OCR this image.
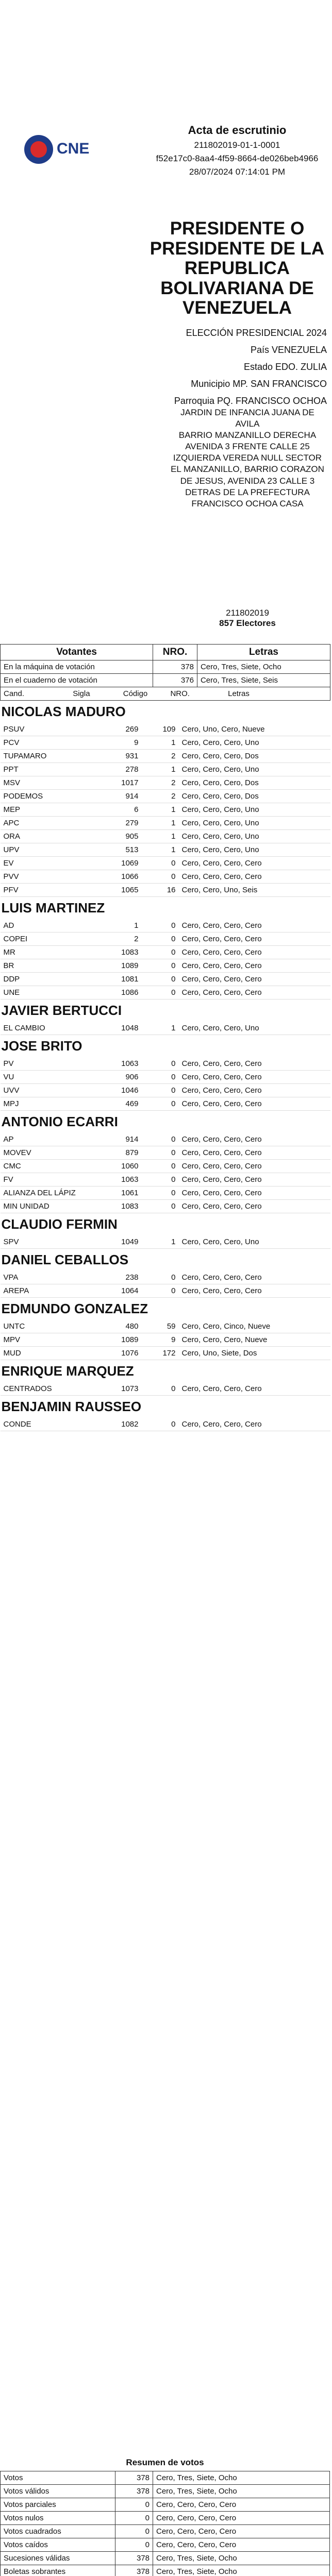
CNE

Acta de escrutinio

211802019-01-1-0001

f52e17c0-8aa4-4f59-8664-de026beb4966

28/07/2024 07:14:01 PM

PRESIDENTE O PRESIDENTE DE LA REPUBLICA BOLIVARIANA DE VENEZUELA

ELECCIÓN PRESIDENCIAL 2024

País VENEZUELA

Estado EDO. ZULIA

Municipio MP. SAN FRANCISCO

Parroquia PQ. FRANCISCO OCHOA

JARDIN DE INFANCIA JUANA DE AVILA
BARRIO MANZANILLO DERECHA AVENIDA 3 FRENTE CALLE 25 IZQUIERDA VEREDA NULL SECTOR EL MANZANILLO, BARRIO CORAZON DE JESUS, AVENIDA 23 CALLE 3 DETRAS DE LA PREFECTURA FRANCISCO OCHOA CASA
211802019
857 Electores
Votantes	NRO.	Letras
En la máquina de votación	378	Cero, Tres, Siete, Ocho
En el cuaderno de votación	376	Cero, Tres, Siete, Seis
Cand.	Sigla	Código	NRO.	Letras

NICOLAS MADURO
PSUV	269	109	Cero, Uno, Cero, Nueve
PCV	9	1	Cero, Cero, Cero, Uno
TUPAMARO	931	2	Cero, Cero, Cero, Dos
PPT	278	1	Cero, Cero, Cero, Uno
MSV	1017	2	Cero, Cero, Cero, Dos
PODEMOS	914	2	Cero, Cero, Cero, Dos
MEP	6	1	Cero, Cero, Cero, Uno
APC	279	1	Cero, Cero, Cero, Uno
ORA	905	1	Cero, Cero, Cero, Uno
UPV	513	1	Cero, Cero, Cero, Uno
EV	1069	0	Cero, Cero, Cero, Cero
PVV	1066	0	Cero, Cero, Cero, Cero
PFV	1065	16	Cero, Cero, Uno, Seis
LUIS MARTINEZ
AD	1	0	Cero, Cero, Cero, Cero
COPEI	2	0	Cero, Cero, Cero, Cero
MR	1083	0	Cero, Cero, Cero, Cero
BR	1089	0	Cero, Cero, Cero, Cero
DDP	1081	0	Cero, Cero, Cero, Cero
UNE	1086	0	Cero, Cero, Cero, Cero
JAVIER BERTUCCI
EL CAMBIO	1048	1	Cero, Cero, Cero, Uno
JOSE BRITO
PV	1063	0	Cero, Cero, Cero, Cero
VU	906	0	Cero, Cero, Cero, Cero
UVV	1046	0	Cero, Cero, Cero, Cero
MPJ	469	0	Cero, Cero, Cero, Cero
ANTONIO ECARRI
AP	914	0	Cero, Cero, Cero, Cero
MOVEV	879	0	Cero, Cero, Cero, Cero
CMC	1060	0	Cero, Cero, Cero, Cero
FV	1063	0	Cero, Cero, Cero, Cero
ALIANZA DEL LÁPIZ	1061	0	Cero, Cero, Cero, Cero
MIN UNIDAD	1083	0	Cero, Cero, Cero, Cero
CLAUDIO FERMIN
SPV	1049	1	Cero, Cero, Cero, Uno
DANIEL CEBALLOS
VPA	238	0	Cero, Cero, Cero, Cero
AREPA	1064	0	Cero, Cero, Cero, Cero
EDMUNDO GONZALEZ
UNTC	480	59	Cero, Cero, Cinco, Nueve
MPV	1089	9	Cero, Cero, Cero, Nueve
MUD	1076	172	Cero, Uno, Siete, Dos
ENRIQUE MARQUEZ
CENTRADOS	1073	0	Cero, Cero, Cero, Cero
BENJAMIN RAUSSEO
CONDE	1082	0	Cero, Cero, Cero, Cero
Resumen de votos
Votos	378	Cero, Tres, Siete, Ocho
Votos válidos	378	Cero, Tres, Siete, Ocho
Votos parciales	0	Cero, Cero, Cero, Cero
Votos nulos	0	Cero, Cero, Cero, Cero
Votos cuadrados	0	Cero, Cero, Cero, Cero
Votos caídos	0	Cero, Cero, Cero, Cero
Sucesiones válidas	378	Cero, Tres, Siete, Ocho
Boletas sobrantes	378	Cero, Tres, Siete, Ocho
